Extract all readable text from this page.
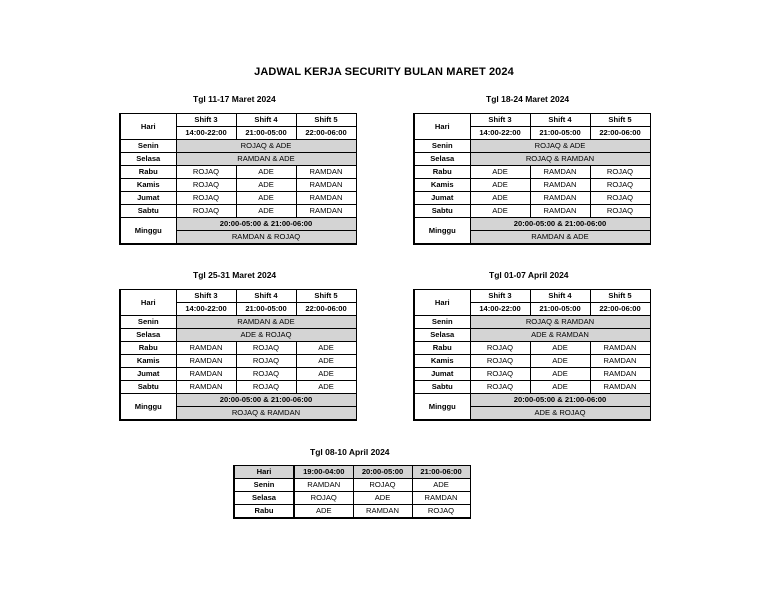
JADWAL KERJA SECURITY BULAN MARET 2024
Tgl 11-17 Maret 2024
Hari	Shift 3	Shift 4	Shift 5
	14:00-22:00	21:00-05:00	22:00-06:00
Senin	ROJAQ & ADE		
Selasa	RAMDAN & ADE		
Rabu	ROJAQ	ADE	RAMDAN
Kamis	ROJAQ	ADE	RAMDAN
Jumat	ROJAQ	ADE	RAMDAN
Sabtu	ROJAQ	ADE	RAMDAN
Minggu	20:00-05:00 & 21:00-06:00		
	RAMDAN & ROJAQ		
Tgl 18-24 Maret 2024
Hari	Shift 3	Shift 4	Shift 5
	14:00-22:00	21:00-05:00	22:00-06:00
Senin	ROJAQ & ADE		
Selasa	ROJAQ & RAMDAN		
Rabu	ADE	RAMDAN	ROJAQ
Kamis	ADE	RAMDAN	ROJAQ
Jumat	ADE	RAMDAN	ROJAQ
Sabtu	ADE	RAMDAN	ROJAQ
Minggu	20:00-05:00 & 21:00-06:00		
	RAMDAN & ADE		
Tgl 25-31 Maret 2024
Hari	Shift 3	Shift 4	Shift 5
	14:00-22:00	21:00-05:00	22:00-06:00
Senin	RAMDAN & ADE		
Selasa	ADE & ROJAQ		
Rabu	RAMDAN	ROJAQ	ADE
Kamis	RAMDAN	ROJAQ	ADE
Jumat	RAMDAN	ROJAQ	ADE
Sabtu	RAMDAN	ROJAQ	ADE
Minggu	20:00-05:00 & 21:00-06:00		
	ROJAQ & RAMDAN		
Tgl 01-07 April 2024
Hari	Shift 3	Shift 4	Shift 5
	14:00-22:00	21:00-05:00	22:00-06:00
Senin	ROJAQ & RAMDAN		
Selasa	ADE & RAMDAN		
Rabu	ROJAQ	ADE	RAMDAN
Kamis	ROJAQ	ADE	RAMDAN
Jumat	ROJAQ	ADE	RAMDAN
Sabtu	ROJAQ	ADE	RAMDAN
Minggu	20:00-05:00 & 21:00-06:00		
	ADE & ROJAQ		
Tgl 08-10 April 2024
Hari	19:00-04:00	20:00-05:00	21:00-06:00
Senin	RAMDAN	ROJAQ	ADE
Selasa	ROJAQ	ADE	RAMDAN
Rabu	ADE	RAMDAN	ROJAQ
